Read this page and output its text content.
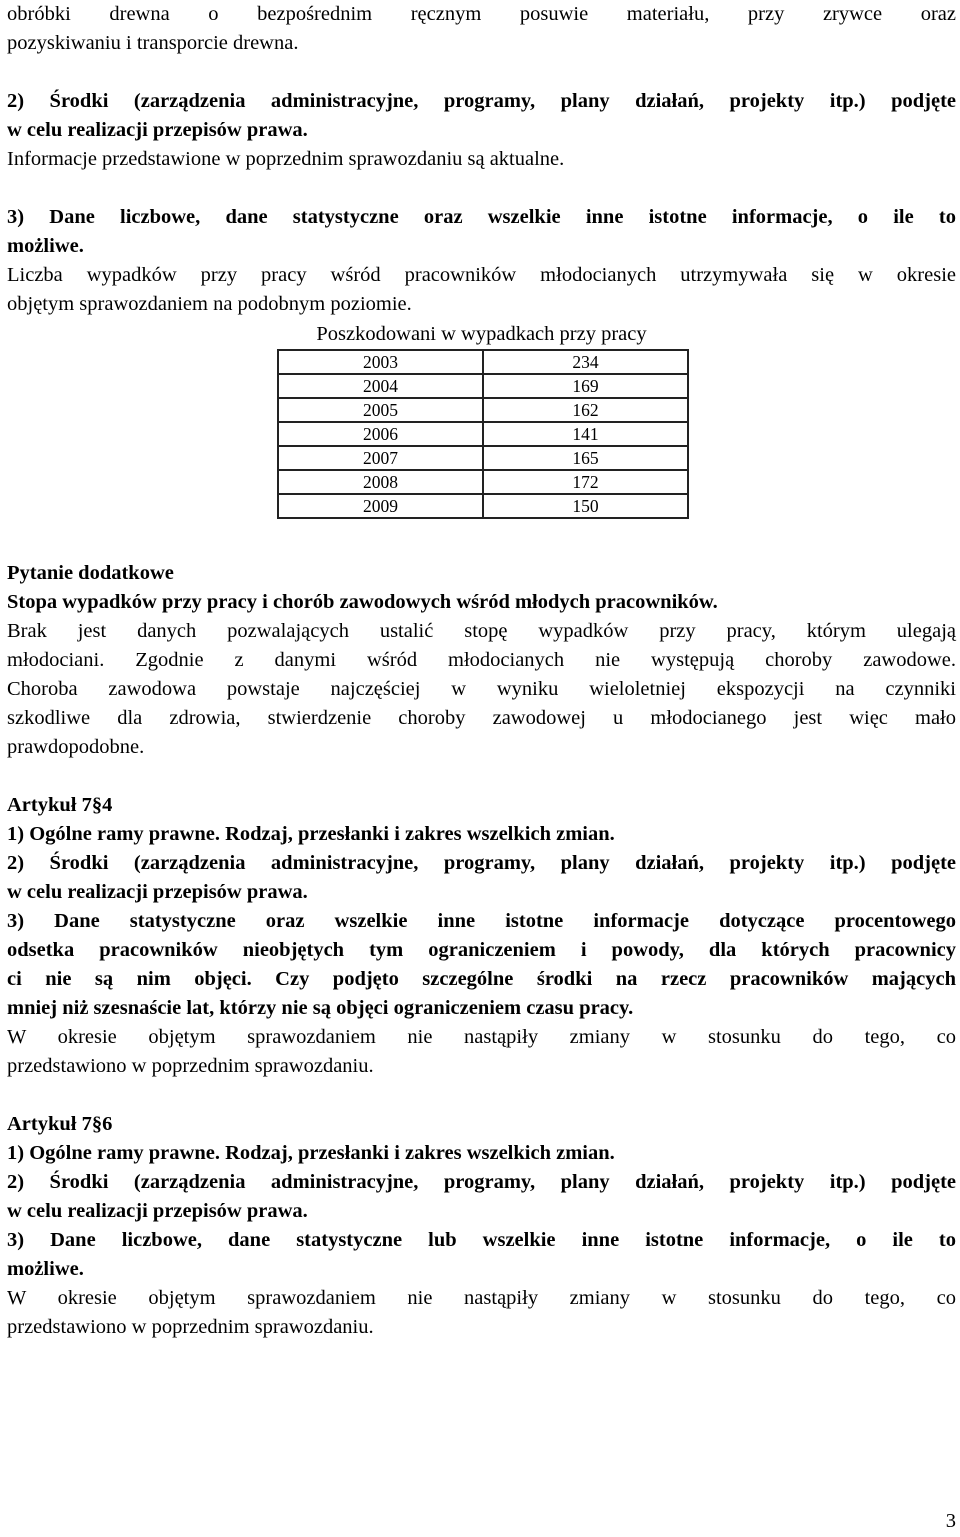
obróbki drewna o bezpośrednim ręcznym posuwie materiału, przy zrywce oraz

pozyskiwaniu i transporcie drewna.

2) Środki (zarządzenia administracyjne, programy, plany działań, projekty itp.) podjęte

w celu realizacji przepisów prawa.

Informacje przedstawione w poprzednim sprawozdaniu są aktualne.

3) Dane liczbowe, dane statystyczne oraz wszelkie inne istotne informacje, o ile to

możliwe.

Liczba wypadków przy pracy wśród pracowników młodocianych utrzymywała się w okresie

objętym sprawozdaniem na podobnym poziomie.

Poszkodowani w wypadkach przy pracy
2003	234
2004	169
2005	162
2006	141
2007	165
2008	172
2009	150

Pytanie dodatkowe

Stopa wypadków przy pracy i chorób zawodowych wśród młodych pracowników.

Brak jest danych pozwalających ustalić stopę wypadków przy pracy, którym ulegają

młodociani. Zgodnie z danymi wśród młodocianych nie występują choroby zawodowe.

Choroba zawodowa powstaje najczęściej w wyniku wieloletniej ekspozycji na czynniki

szkodliwe dla zdrowia, stwierdzenie choroby zawodowej u młodocianego jest więc mało

prawdopodobne.

Artykuł 7§4

1) Ogólne ramy prawne. Rodzaj, przesłanki i zakres wszelkich zmian.

2) Środki (zarządzenia administracyjne, programy, plany działań, projekty itp.) podjęte

w celu realizacji przepisów prawa.

3) Dane statystyczne oraz wszelkie inne istotne informacje dotyczące procentowego

odsetka pracowników nieobjętych tym ograniczeniem i powody, dla których pracownicy

ci nie są nim objęci. Czy podjęto szczególne środki na rzecz pracowników mających

mniej niż szesnaście lat, którzy nie są objęci ograniczeniem czasu pracy.

W okresie objętym sprawozdaniem nie nastąpiły zmiany w stosunku do tego, co

przedstawiono w poprzednim sprawozdaniu.

Artykuł 7§6

1) Ogólne ramy prawne. Rodzaj, przesłanki i zakres wszelkich zmian.

2) Środki (zarządzenia administracyjne, programy, plany działań, projekty itp.) podjęte

w celu realizacji przepisów prawa.

3) Dane liczbowe, dane statystyczne lub wszelkie inne istotne informacje, o ile to

możliwe.

W okresie objętym sprawozdaniem nie nastąpiły zmiany w stosunku do tego, co

przedstawiono w poprzednim sprawozdaniu.

3
